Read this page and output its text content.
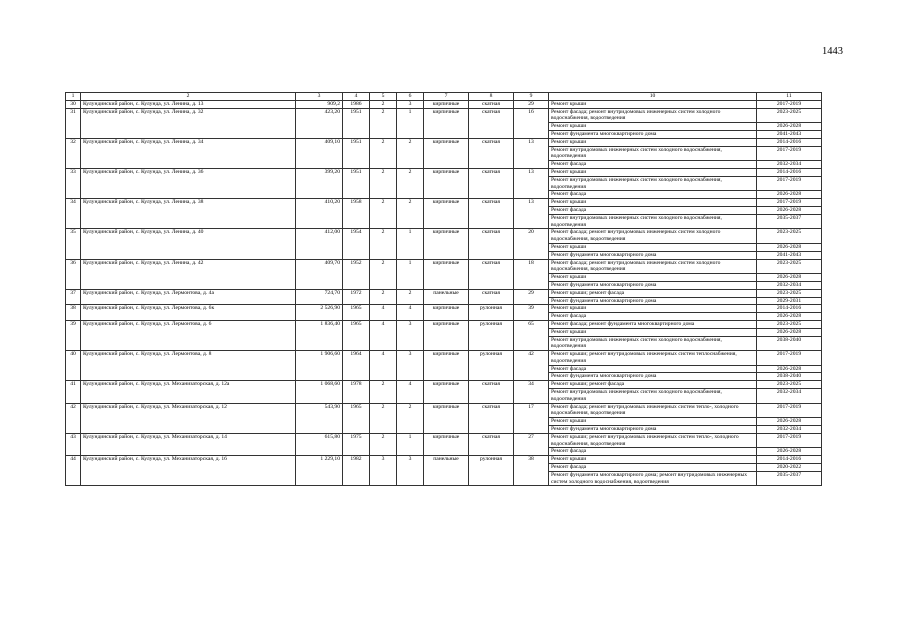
1443
1	2	3	4	5	6	7	8	9	10	11
30	Кулундинский район, с. Кулунда, ул. Ленина, д. 13	909,2	1986	2	3	кирпичные	скатная	29	Ремонт крыши	2017-2019
31	Кулундинский район, с. Кулунда, ул. Ленина, д. 32	423,20	1951	2	1	кирпичные	скатная	16	Ремонт фасада; ремонт внутридомовых инженерных систем холодного водоснабжения, водоотведения	2023-2025
									Ремонт крыши	2026-2028
									Ремонт фундамента многоквартирного дома	2041-2043
32	Кулундинский район, с. Кулунда, ул. Ленина, д. 34	409,10	1951	2	2	кирпичные	скатная	13	Ремонт крыши	2014-2016
									Ремонт внутридомовых инженерных систем холодного водоснабжения, водоотведения	2017-2019
									Ремонт фасада	2032-2034
33	Кулундинский район, с. Кулунда, ул. Ленина, д. 36	399,20	1951	2	2	кирпичные	скатная	13	Ремонт крыши	2014-2016
									Ремонт внутридомовых инженерных систем холодного водоснабжения, водоотведения	2017-2019
									Ремонт фасада	2026-2028
34	Кулундинский район, с. Кулунда, ул. Ленина, д. 38	410,20	1958	2	2	кирпичные	скатная	13	Ремонт крыши	2017-2019
									Ремонт фасада	2026-2028
									Ремонт внутридомовых инженерных систем холодного водоснабжения, водоотведения	2035-2037
35	Кулундинский район, с. Кулунда, ул. Ленина, д. 40	412,00	1954	2	1	кирпичные	скатная	20	Ремонт фасада; ремонт внутридомовых инженерных систем холодного водоснабжения, водоотведения	2023-2025
									Ремонт крыши	2026-2028
									Ремонт фундамента многоквартирного дома	2041-2043
36	Кулундинский район, с. Кулунда, ул. Ленина, д. 42	409,70	1952	2	1	кирпичные	скатная	18	Ремонт фасада; ремонт внутридомовых инженерных систем холодного водоснабжения, водоотведения	2023-2025
									Ремонт крыши	2026-2028
									Ремонт фундамента многоквартирного дома	2032-2034
37	Кулундинский район, с. Кулунда, ул. Лермонтова, д. 4а	724,70	1972	2	2	панельные	скатная	29	Ремонт крыши; ремонт фасада	2023-2025
									Ремонт фундамента многоквартирного дома	2029-2031
38	Кулундинский район, с. Кулунда, ул. Лермонтова, д. 6к	2 526,90	1965	4	4	кирпичные	рулонная	39	Ремонт крыши	2014-2016
									Ремонт фасада	2026-2028
39	Кулундинский район, с. Кулунда, ул. Лермонтова, д. 6	1 836,40	1965	4	3	кирпичные	рулонная	65	Ремонт фасада; ремонт фундамента многоквартирного дома	2023-2025
									Ремонт крыши	2026-2028
									Ремонт внутридомовых инженерных систем холодного водоснабжения, водоотведения	2038-2040
40	Кулундинский район, с. Кулунда, ул. Лермонтова, д. 8	1 906,60	1964	4	3	кирпичные	рулонная	42	Ремонт крыши; ремонт внутридомовых инженерных систем теплоснабжения, водоотведения	2017-2019
									Ремонт фасада	2026-2028
									Ремонт фундамента многоквартирного дома	2038-2040
41	Кулундинский район, с. Кулунда, ул. Механизаторская, д. 12а	1 068,60	1978	2	4	кирпичные	скатная	34	Ремонт крыши; ремонт фасада	2023-2025
									Ремонт внутридомовых инженерных систем холодного водоснабжения, водоотведения	2032-2034
42	Кулундинский район, с. Кулунда, ул. Механизаторская, д. 12	543,90	1965	2	2	кирпичные	скатная	17	Ремонт фасада; ремонт внутридомовых инженерных систем тепло-, холодного водоснабжения, водоотведения	2017-2019
									Ремонт крыши	2026-2028
									Ремонт фундамента многоквартирного дома	2032-2034
43	Кулундинский район, с. Кулунда, ул. Механизаторская, д. 14	615,80	1975	2	1	кирпичные	скатная	27	Ремонт крыши; ремонт внутридомовых инженерных систем тепло-, холодного водоснабжения, водоотведения	2017-2019
									Ремонт фасада	2026-2028
44	Кулундинский район, с. Кулунда, ул. Механизаторская, д. 16	1 229,10	1982	3	3	панельные	рулонная	38	Ремонт крыши	2014-2016
									Ремонт фасада	2020-2022
									Ремонт фундамента многоквартирного дома; ремонт внутридомовых инженерных систем холодного водоснабжения, водоотведения	2035-2037
